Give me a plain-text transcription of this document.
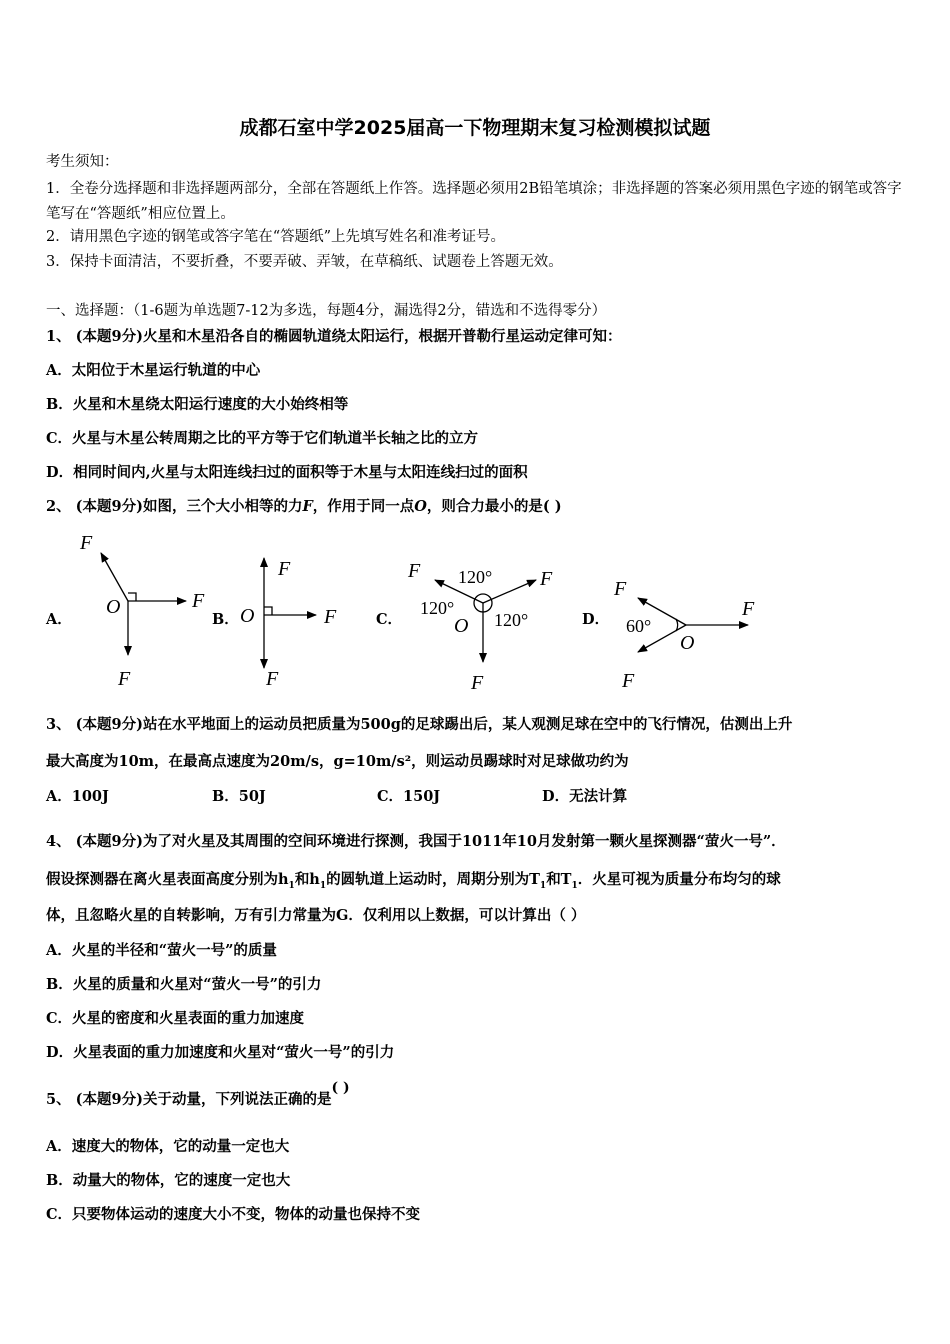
成都石室中学2025届高一下物理期末复习检测模拟试题
考生须知：
1．全卷分选择题和非选择题两部分，全部在答题纸上作答。选择题必须用2B铅笔填涂；非选择题的答案必须用黑色字迹的钢笔或答字笔写在“答题纸”相应位置上。
2．请用黑色字迹的钢笔或答字笔在“答题纸”上先填写姓名和准考证号。
3．保持卡面清洁，不要折叠，不要弄破、弄皱，在草稿纸、试题卷上答题无效。
一、选择题：（1-6题为单选题7-12为多选，每题4分，漏选得2分，错选和不选得零分）
1、 (本题9分)火星和木星沿各自的椭圆轨道绕太阳运行，根据开普勒行星运动定律可知：
A．太阳位于木星运行轨道的中心
B．火星和木星绕太阳运行速度的大小始终相等
C．火星与木星公转周期之比的平方等于它们轨道半长轴之比的立方
D．相同时间内,火星与太阳连线扫过的面积等于木星与太阳连线扫过的面积
2、 (本题9分)如图，三个大小相等的力F，作用于同一点O，则合力最小的是( )
A．	B．	C．	D．
F
F
F
O
F
F
F
O
F	F
F
O
120°
120°
120°
F
F
F
O
60°
3、 (本题9分)站在水平地面上的运动员把质量为500g的足球踢出后，某人观测足球在空中的飞行情况，估测出上升
最大高度为10m，在最高点速度为20m/s，g=10m/s²，则运动员踢球时对足球做功约为
A．100J	B．50J	C．150J	D．无法计算
4、 (本题9分)为了对火星及其周围的空间环境进行探测，我国于1011年10月发射第一颗火星探测器“萤火一号”．
假设探测器在离火星表面高度分别为$h_1$和$h_1$的圆轨道上运动时，周期分别为$T_1$和$T_1$．火星可视为质量分布均匀的球
体，且忽略火星的自转影响，万有引力常量为G．仅利用以上数据，可以计算出（ ）
A．火星的半径和“萤火一号”的质量
B．火星的质量和火星对“萤火一号”的引力
C．火星的密度和火星表面的重力加速度
D．火星表面的重力加速度和火星对“萤火一号”的引力
5、 (本题9分)关于动量，下列说法正确的是( )
A．速度大的物体，它的动量一定也大
B．动量大的物体，它的速度一定也大
C．只要物体运动的速度大小不变，物体的动量也保持不变
